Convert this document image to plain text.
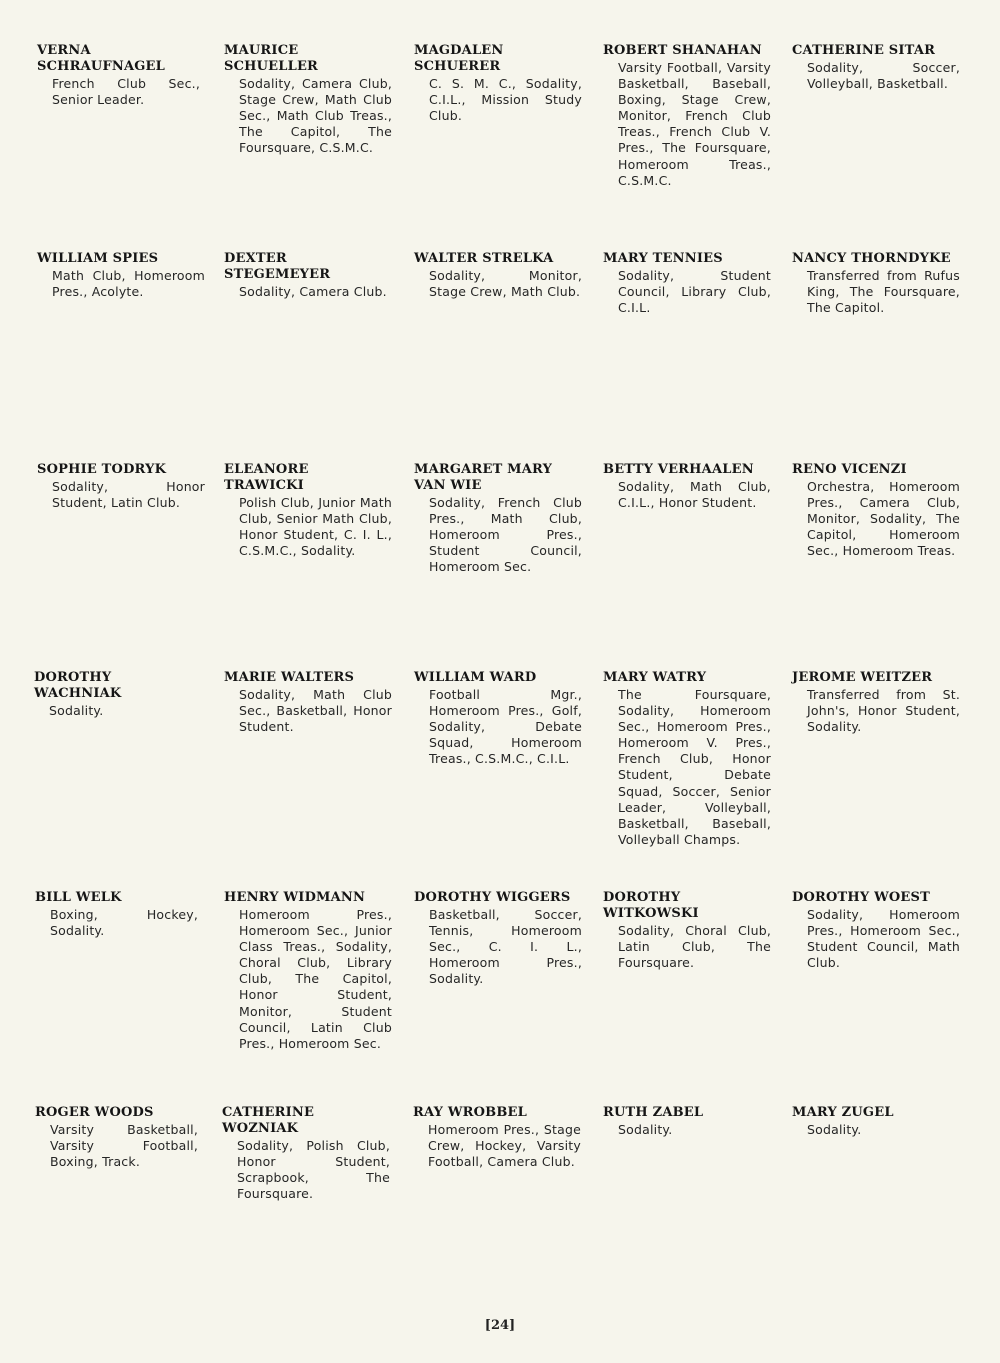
VERNA SCHRAUFNAGEL

French Club Sec., Senior Leader.

MAURICE SCHUELLER

Sodality, Camera Club, Stage Crew, Math Club Sec., Math Club Treas., The Capitol, The Foursquare, C.S.M.C.

MAGDALEN SCHUERER

C. S. M. C., Sodality, C.I.L., Mission Study Club.

ROBERT SHANAHAN

Varsity Football, Varsity Basketball, Baseball, Boxing, Stage Crew, Monitor, French Club Treas., French Club V. Pres., The Foursquare, Homeroom Treas., C.S.M.C.

CATHERINE SITAR

Sodality, Soccer, Volleyball, Basketball.

WILLIAM SPIES

Math Club, Homeroom Pres., Acolyte.

DEXTER STEGEMEYER

Sodality, Camera Club.

WALTER STRELKA

Sodality, Monitor, Stage Crew, Math Club.

MARY TENNIES

Sodality, Student Council, Library Club, C.I.L.

NANCY THORNDYKE

Transferred from Rufus King, The Foursquare, The Capitol.

SOPHIE TODRYK

Sodality, Honor Student, Latin Club.

ELEANORE TRAWICKI

Polish Club, Junior Math Club, Senior Math Club, Honor Student, C. I. L., C.S.M.C., Sodality.

MARGARET MARY VAN WIE

Sodality, French Club Pres., Math Club, Homeroom Pres., Student Council, Homeroom Sec.

BETTY VERHAALEN

Sodality, Math Club, C.I.L., Honor Student.

RENO VICENZI

Orchestra, Homeroom Pres., Camera Club, Monitor, Sodality, The Capitol, Homeroom Sec., Homeroom Treas.

DOROTHY WACHNIAK

Sodality.

MARIE WALTERS

Sodality, Math Club Sec., Basketball, Honor Student.

WILLIAM WARD

Football Mgr., Homeroom Pres., Golf, Sodality, Debate Squad, Homeroom Treas., C.S.M.C., C.I.L.

MARY WATRY

The Foursquare, Sodality, Homeroom Sec., Homeroom Pres., Homeroom V. Pres., French Club, Honor Student, Debate Squad, Soccer, Senior Leader, Volleyball, Basketball, Baseball, Volleyball Champs.

JEROME WEITZER

Transferred from St. John's, Honor Student, Sodality.

BILL WELK

Boxing, Hockey, Sodality.

HENRY WIDMANN

Homeroom Pres., Homeroom Sec., Junior Class Treas., Sodality, Choral Club, Library Club, The Capitol, Honor Student, Monitor, Student Council, Latin Club Pres., Homeroom Sec.

DOROTHY WIGGERS

Basketball, Soccer, Tennis, Homeroom Sec., C. I. L., Homeroom Pres., Sodality.

DOROTHY WITKOWSKI

Sodality, Choral Club, Latin Club, The Foursquare.

DOROTHY WOEST

Sodality, Homeroom Pres., Homeroom Sec., Student Council, Math Club.

ROGER WOODS

Varsity Basketball, Varsity Football, Boxing, Track.

CATHERINE WOZNIAK

Sodality, Polish Club, Honor Student, Scrapbook, The Foursquare.

RAY WROBBEL

Homeroom Pres., Stage Crew, Hockey, Varsity Football, Camera Club.

RUTH ZABEL

Sodality.

MARY ZUGEL

Sodality.

[24]
